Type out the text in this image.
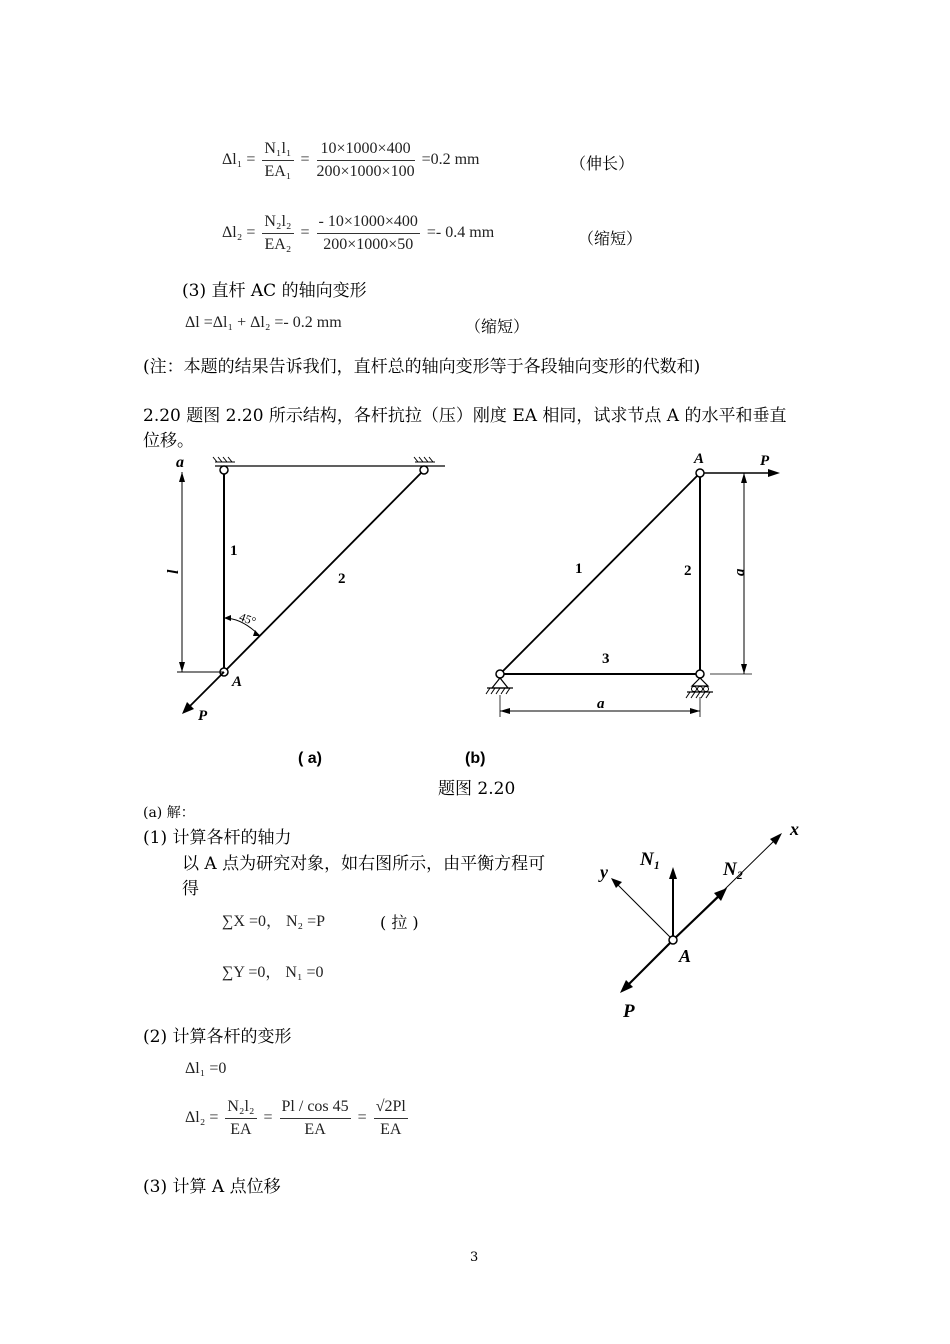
$\Delta l_1 = \frac{\text{N₁l₁}}{\text{EA₁}} = \frac{10\times 1000\times 400}{200\times 1000\times 100} =0.2$ mm	（伸长）
$\Delta l_2 = \frac{\text{N₂l₂}}{\text{EA₂}} = \frac{- 10\times 1000\times 400}{200\times 1000\times 50} =- 0.4$ mm	（缩短）
(3) 直杆 AC 的轴向变形
Δl =Δl₁ + Δl₂ =- 0.2 mm	（缩短）
(注：本题的结果告诉我们，直杆总的轴向变形等于各段轴向变形的代数和)
2.20 题图 2.20 所示结构，各杆抗拉（压）刚度 EA 相同，试求节点 A 的水平和垂直
位移。
a
l
1
2
45°
A
P
A	P
1	2
3
a
a
( a)	(b)
题图 2.20
(a) 解：
(1) 计算各杆的轴力
以 A 点为研究对象，如右图所示，由平衡方程可
得
∑X =0， N₂ =P	( 拉 )
∑Y =0， N₁ =0
(2) 计算各杆的变形
Δl₁ =0
$\Delta l_2 = \frac{\text{N₂l₂}}{EA} = \frac{Pl / \cos 45}{EA} = \frac{√2Pl}{EA}$
(3) 计算 A 点位移
x
y
N₁	N₂
P
A
3
